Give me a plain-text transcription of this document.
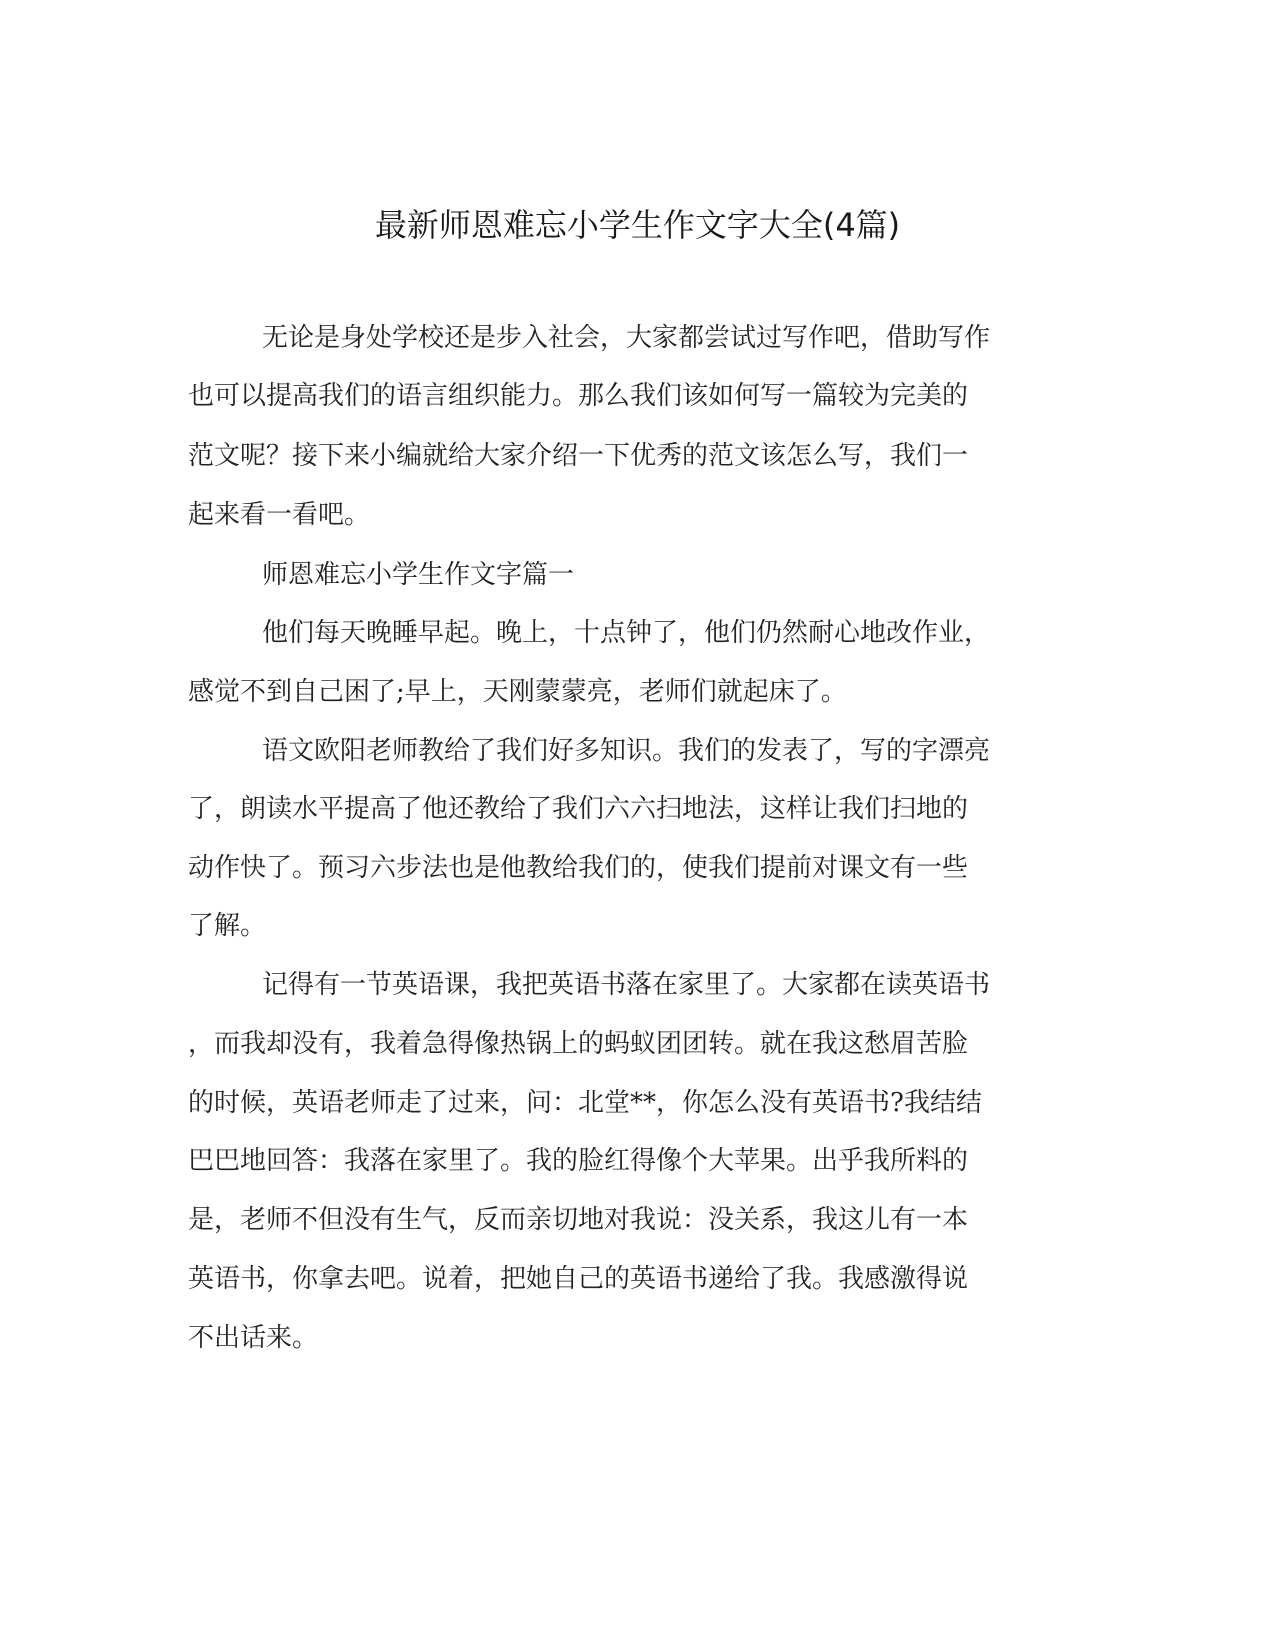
最新师恩难忘小学生作文字大全(4篇)
无论是身处学校还是步入社会，大家都尝试过写作吧，借助写作
也可以提高我们的语言组织能力。那么我们该如何写一篇较为完美的
范文呢？接下来小编就给大家介绍一下优秀的范文该怎么写，我们一
起来看一看吧。
师恩难忘小学生作文字篇一
他们每天晚睡早起。晚上，十点钟了，他们仍然耐心地改作业，
感觉不到自己困了;早上，天刚蒙蒙亮，老师们就起床了。
语文欧阳老师教给了我们好多知识。我们的发表了，写的字漂亮
了，朗读水平提高了他还教给了我们六六扫地法，这样让我们扫地的
动作快了。预习六步法也是他教给我们的，使我们提前对课文有一些
了解。
记得有一节英语课，我把英语书落在家里了。大家都在读英语书
，而我却没有，我着急得像热锅上的蚂蚁团团转。就在我这愁眉苦脸
的时候，英语老师走了过来，问：北堂**，你怎么没有英语书?我结结
巴巴地回答：我落在家里了。我的脸红得像个大苹果。出乎我所料的
是，老师不但没有生气，反而亲切地对我说：没关系，我这儿有一本
英语书，你拿去吧。说着，把她自己的英语书递给了我。我感激得说
不出话来。
